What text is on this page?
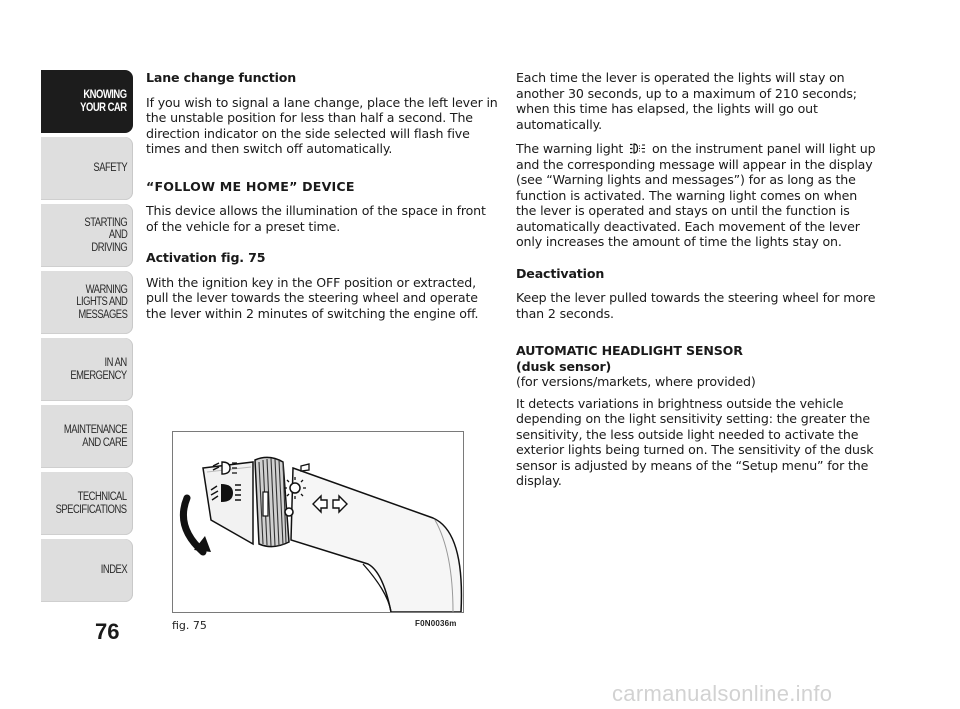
KNOWING
YOUR CAR
SAFETY
STARTING
AND
DRIVING
WARNING
LIGHTS AND
MESSAGES
IN AN
EMERGENCY
MAINTENANCE
AND CARE
TECHNICAL
SPECIFICATIONS
INDEX
76

Lane change function

If you wish to signal a lane change, place the left lever in the unstable position for less than half a second. The direction indicator on the side selected will flash five times and then switch off automatically.

“FOLLOW ME HOME” DEVICE

This device allows the illumination of the space in front of the vehicle for a preset time.

Activation fig. 75

With the ignition key in the OFF position or extracted, pull the lever towards the steering wheel and operate the lever within 2 minutes of switching the engine off.

Each time the lever is operated the lights will stay on another 30 seconds, up to a maximum of 210 seconds; when this time has elapsed, the lights will go out automatically.

The warning light on the instrument panel will light up and the corresponding message will appear in the display (see “Warning lights and messages”) for as long as the function is activated. The warning light comes on when the lever is operated and stays on until the function is automatically deactivated. Each movement of the lever only increases the amount of time the lights stay on.

Deactivation

Keep the lever pulled towards the steering wheel for more than 2 seconds.

AUTOMATIC HEADLIGHT SENSOR

(dusk sensor)

(for versions/markets, where provided)

It detects variations in brightness outside the vehicle depending on the light sensitivity setting: the greater the sensitivity, the less outside light needed to activate the exterior lights being turned on. The sensitivity of the dusk sensor is adjusted by means of the “Setup menu” for the display.

fig. 75	F0N0036m
carmanualsonline.info
